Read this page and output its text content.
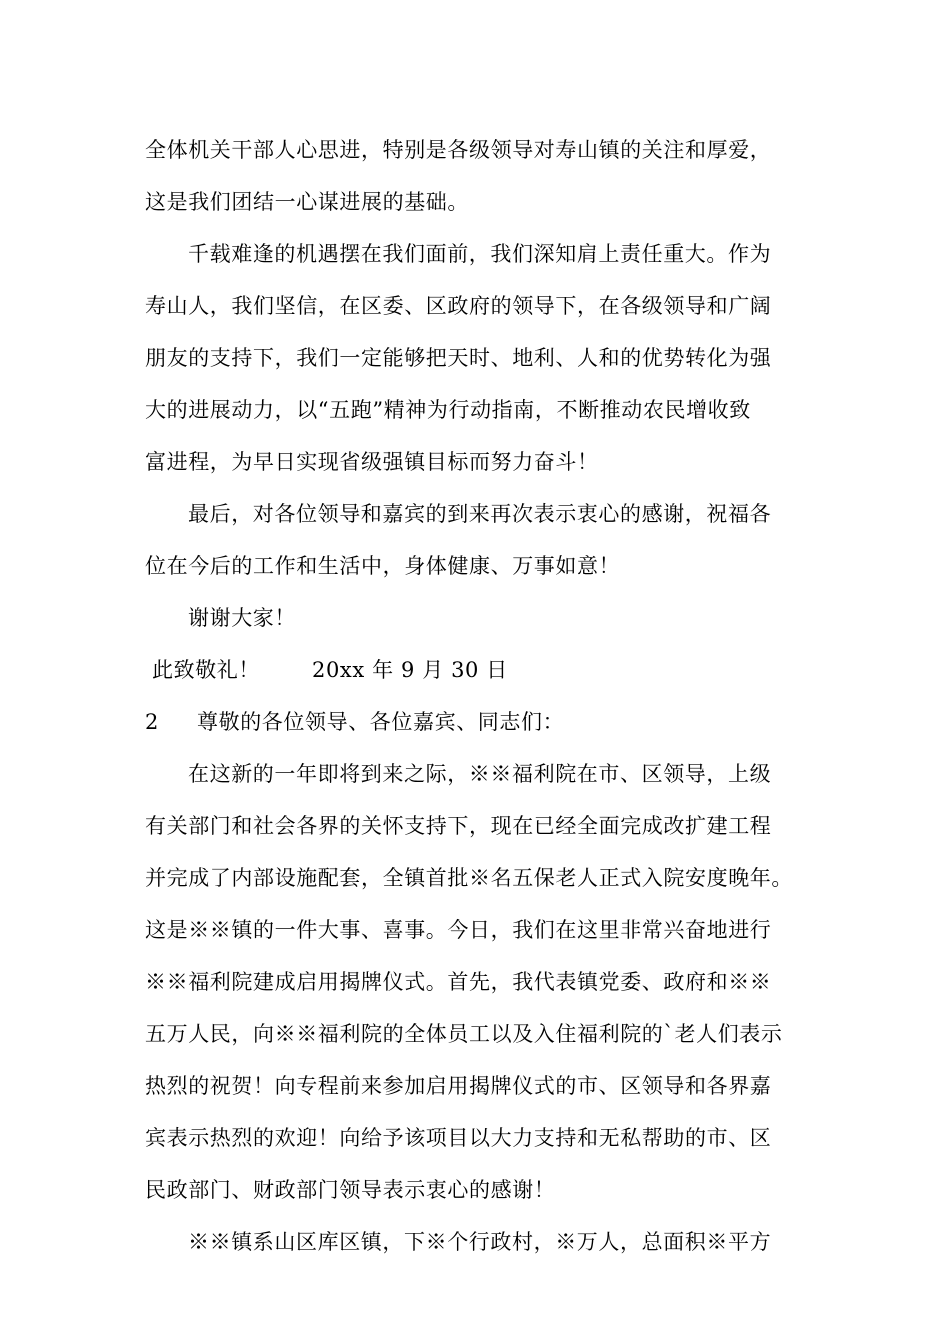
全体机关干部人心思进，特别是各级领导对寿山镇的关注和厚爱，
这是我们团结一心谋进展的基础。
千载难逢的机遇摆在我们面前，我们深知肩上责任重大。作为
寿山人，我们坚信，在区委、区政府的领导下，在各级领导和广阔
朋友的支持下，我们一定能够把天时、地利、人和的优势转化为强
大的进展动力，以“五跑”精神为行动指南，不断推动农民增收致
富进程，为早日实现省级强镇目标而努力奋斗！
最后，对各位领导和嘉宾的到来再次表示衷心的感谢，祝福各
位在今后的工作和生活中，身体健康、万事如意！
谢谢大家！
此致敬礼！ 20xx 年 9 月 30 日
2 尊敬的各位领导、各位嘉宾、同志们：
在这新的一年即将到来之际，※※福利院在市、区领导，上级
有关部门和社会各界的关怀支持下，现在已经全面完成改扩建工程
并完成了内部设施配套，全镇首批※名五保老人正式入院安度晚年。
这是※※镇的一件大事、喜事。今日，我们在这里非常兴奋地进行
※※福利院建成启用揭牌仪式。首先，我代表镇党委、政府和※※
五万人民，向※※福利院的全体员工以及入住福利院的`老人们表示
热烈的祝贺！向专程前来参加启用揭牌仪式的市、区领导和各界嘉
宾表示热烈的欢迎！向给予该项目以大力支持和无私帮助的市、区
民政部门、财政部门领导表示衷心的感谢！
※※镇系山区库区镇，下※个行政村，※万人，总面积※平方
